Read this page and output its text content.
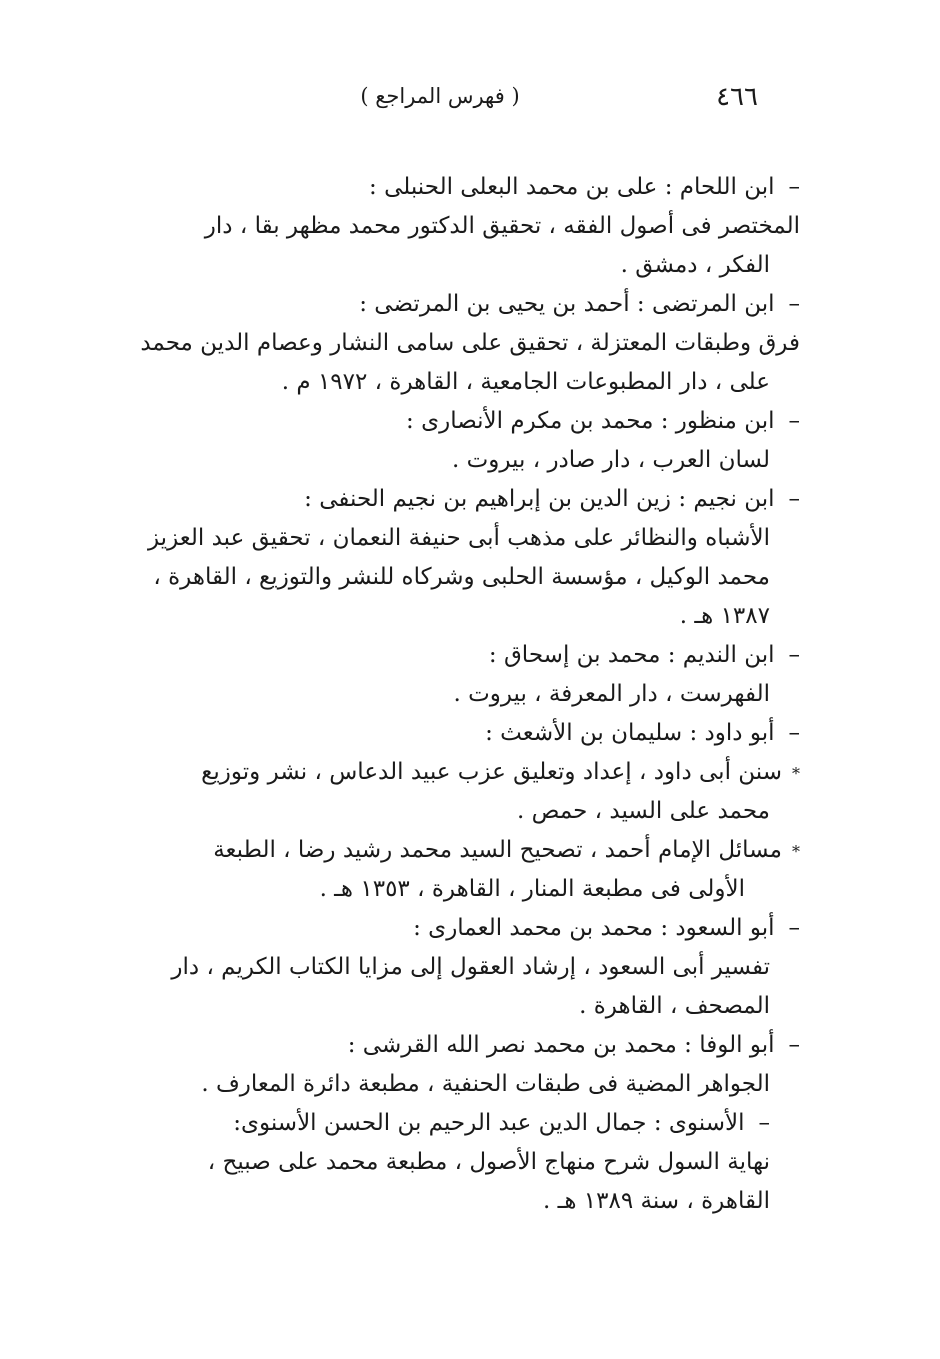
٤٦٦
( فهرس المراجع )
–ابن اللحام : على بن محمد البعلى الحنبلى :
المختصر فى أصول الفقه ، تحقيق الدكتور محمد مظهر بقا ، دار
الفكر ، دمشق .
–ابن المرتضى : أحمد بن يحيى بن المرتضى :
فرق وطبقات المعتزلة ، تحقيق على سامى النشار وعصام الدين محمد
على ، دار المطبوعات الجامعية ، القاهرة ، ١٩٧٢ م .
–ابن منظور : محمد بن مكرم الأنصارى :
لسان العرب ، دار صادر ، بيروت .
–ابن نجيم : زين الدين بن إبراهيم بن نجيم الحنفى :
الأشباه والنظائر على مذهب أبى حنيفة النعمان ، تحقيق عبد العزيز
محمد الوكيل ، مؤسسة الحلبى وشركاه للنشر والتوزيع ، القاهرة ،
١٣٨٧ هـ .
–ابن النديم : محمد بن إسحاق :
الفهرست ، دار المعرفة ، بيروت .
–أبو داود : سليمان بن الأشعث :
*سنن أبى داود ، إعداد وتعليق عزب عبيد الدعاس ، نشر وتوزيع
محمد على السيد ، حمص .
*مسائل الإمام أحمد ، تصحيح السيد محمد رشيد رضا ، الطبعة
الأولى فى مطبعة المنار ، القاهرة ، ١٣٥٣ هـ .
–أبو السعود : محمد بن محمد العمارى :
تفسير أبى السعود ، إرشاد العقول إلى مزايا الكتاب الكريم ، دار
المصحف ، القاهرة .
–أبو الوفا : محمد بن محمد نصر الله القرشى :
الجواهر المضية فى طبقات الحنفية ، مطبعة دائرة المعارف .
–الأسنوى : جمال الدين عبد الرحيم بن الحسن الأسنوى:
نهاية السول شرح منهاج الأصول ، مطبعة محمد على صبيح ،
القاهرة ، سنة ١٣٨٩ هـ .
